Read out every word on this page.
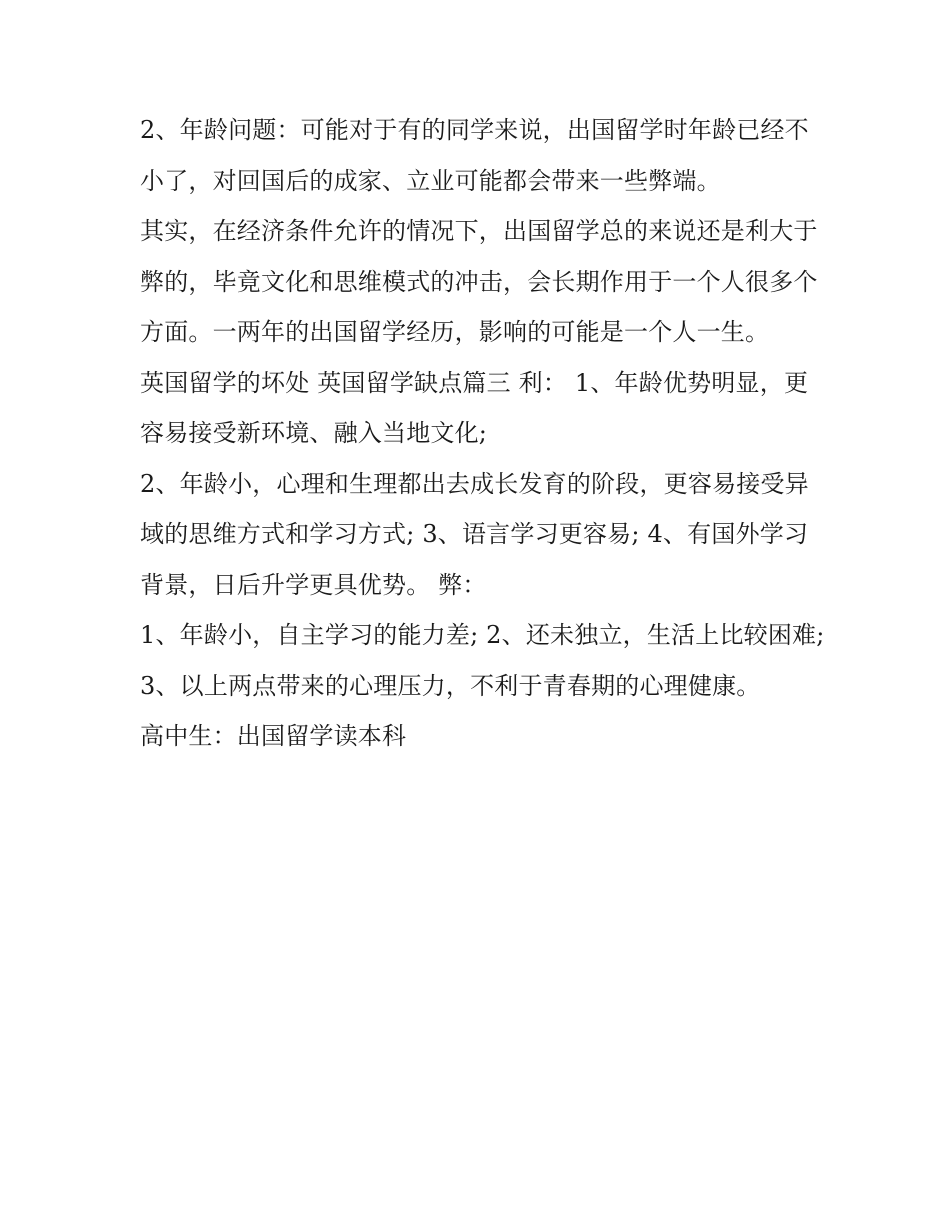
2、年龄问题：可能对于有的同学来说，出国留学时年龄已经不小了，对回国后的成家、立业可能都会带来一些弊端。

其实，在经济条件允许的情况下，出国留学总的来说还是利大于弊的，毕竟文化和思维模式的冲击，会长期作用于一个人很多个方面。一两年的出国留学经历，影响的可能是一个人一生。

英国留学的坏处 英国留学缺点篇三 利： 1、年龄优势明显，更容易接受新环境、融入当地文化;

2、年龄小，心理和生理都出去成长发育的阶段，更容易接受异域的思维方式和学习方式; 3、语言学习更容易; 4、有国外学习背景，日后升学更具优势。 弊：

1、年龄小，自主学习的能力差; 2、还未独立，生活上比较困难; 3、以上两点带来的心理压力，不利于青春期的心理健康。

高中生：出国留学读本科
